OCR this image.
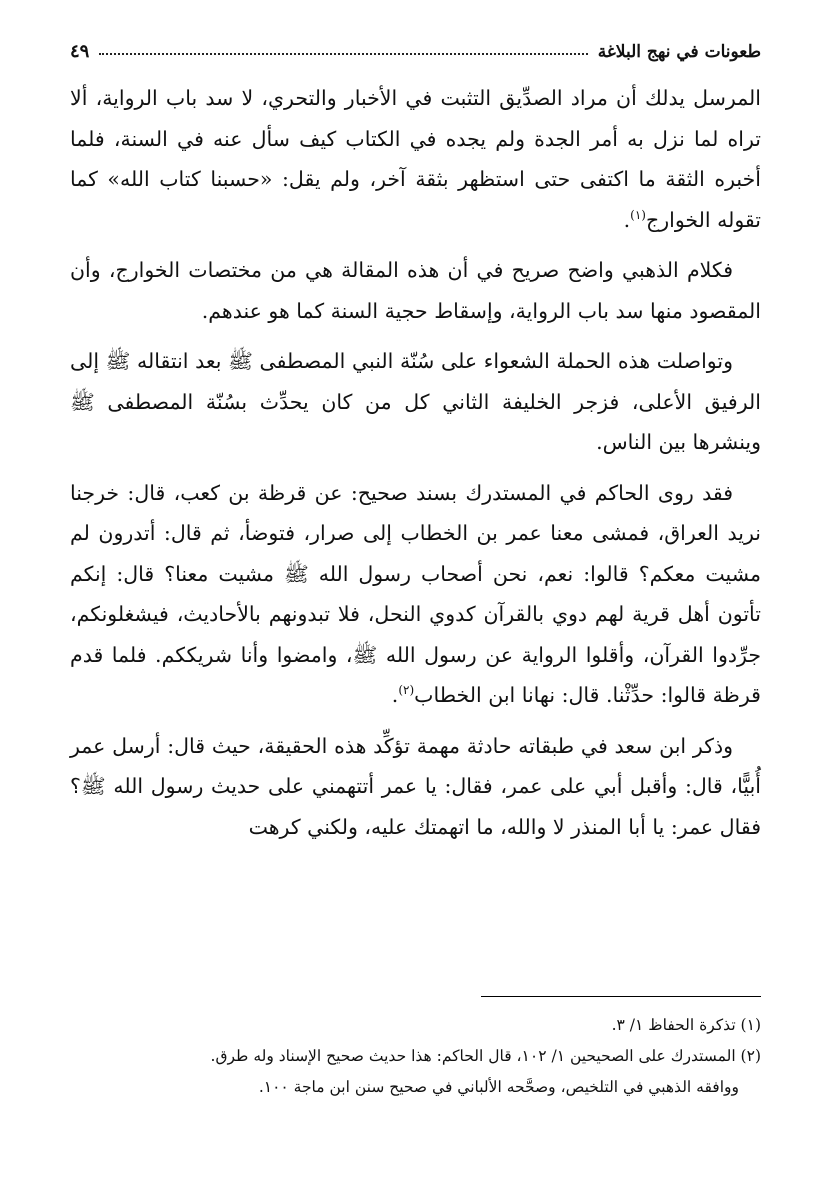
طعونات في نهج البلاغة
٤٩

المرسل يدلك أن مراد الصدِّيق التثبت في الأخبار والتحري، لا سد باب الرواية، ألا تراه لما نزل به أمر الجدة ولم يجده في الكتاب كيف سأل عنه في السنة، فلما أخبره الثقة ما اكتفى حتى استظهر بثقة آخر، ولم يقل: «حسبنا كتاب الله» كما تقوله الخوارج$^{(١)}$.

فكلام الذهبي واضح صريح في أن هذه المقالة هي من مختصات الخوارج، وأن المقصود منها سد باب الرواية، وإسقاط حجية السنة كما هو عندهم.

وتواصلت هذه الحملة الشعواء على سُنّة النبي المصطفى ﷺ بعد انتقاله ﷺ إلى الرفيق الأعلى، فزجر الخليفة الثاني كل من كان يحدِّث بسُنّة المصطفى ﷺ وينشرها بين الناس.

فقد روى الحاكم في المستدرك بسند صحيح: عن قرظة بن كعب، قال: خرجنا نريد العراق، فمشى معنا عمر بن الخطاب إلى صرار، فتوضأ، ثم قال: أتدرون لم مشيت معكم؟ قالوا: نعم، نحن أصحاب رسول الله ﷺ مشيت معنا؟ قال: إنكم تأتون أهل قرية لهم دوي بالقرآن كدوي النحل، فلا تبدونهم بالأحاديث، فيشغلونكم، جرِّدوا القرآن، وأقلوا الرواية عن رسول الله ﷺ، وامضوا وأنا شريككم. فلما قدم قرظة قالوا: حدِّثْنا. قال: نهانا ابن الخطاب$^{(٢)}$.

وذكر ابن سعد في طبقاته حادثة مهمة تؤكِّد هذه الحقيقة، حيث قال: أرسل عمر أُبيًّا، قال: وأقبل أبي على عمر، فقال: يا عمر أتتهمني على حديث رسول الله ﷺ؟ فقال عمر: يا أبا المنذر لا والله، ما اتهمتك عليه، ولكني كرهت

(١) تذكرة الحفاظ ١/ ٣.

(٢) المستدرك على الصحيحين ١/ ١٠٢، قال الحاكم: هذا حديث صحيح الإسناد وله طرق.

ووافقه الذهبي في التلخيص، وصحَّحه الألباني في صحيح سنن ابن ماجة ١٠٠.
